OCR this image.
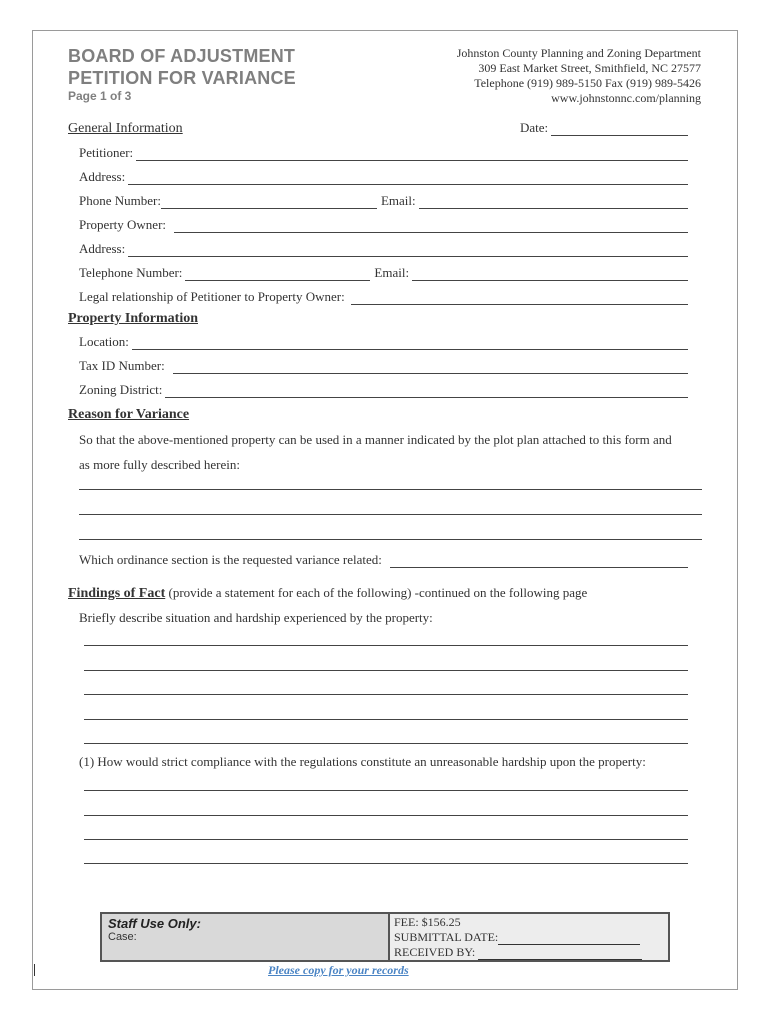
BOARD OF ADJUSTMENT
PETITION FOR VARIANCE
Page 1 of 3
Johnston County Planning and Zoning Department
309 East Market Street, Smithfield, NC 27577
Telephone (919) 989-5150 Fax (919) 989-5426
www.johnstonnc.com/planning
General Information	Date:
Petitioner:
Address:
Phone Number:	Email:
Property Owner:
Address:
Telephone Number:	Email:
Legal relationship of Petitioner to Property Owner:
Property Information
Location:
Tax ID Number:
Zoning District:
Reason for Variance
So that the above-mentioned property can be used in a manner indicated by the plot plan attached to this form and
as more fully described herein:
Which ordinance section is the requested variance related:
Findings of Fact (provide a statement for each of the following) -continued on the following page
Briefly describe situation and hardship experienced by the property:
(1) How would strict compliance with the regulations constitute an unreasonable hardship upon the property:
Staff Use Only:
Case:
FEE: $156.25
SUBMITTAL DATE:
RECEIVED BY:
Please copy for your records
